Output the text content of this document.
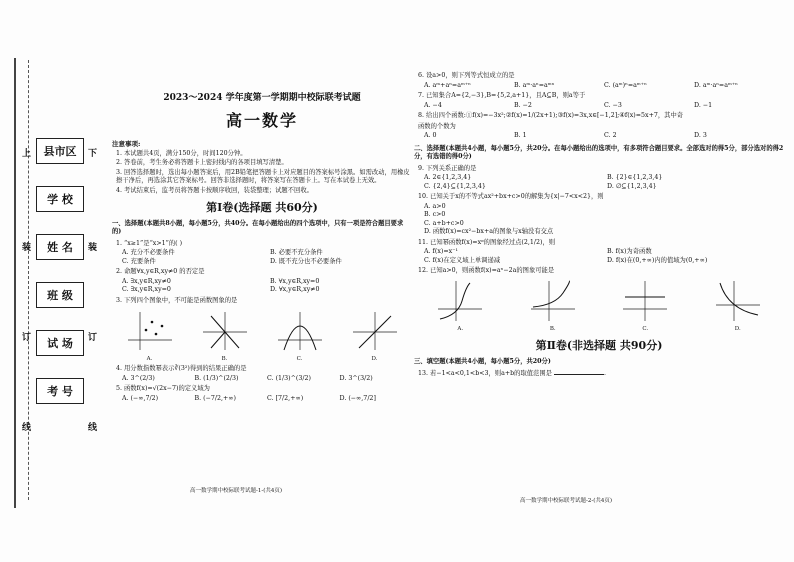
上	下
装	装
订	订
线	线
县市区
学 校
姓 名
班 级
试 场
考 号
2023～2024 学年度第一学期期中校际联考试题
高一数学
注意事项:
1. 本试题共4页，满分150分，时间120分钟。
2. 答卷前，考生务必将答题卡上密封线内的各项目填写清楚。
3. 回答选择题时，选出每小题答案后，用2B铅笔把答题卡上对应题目的答案标号涂黑。如需改动，用橡皮擦干净后，再选涂其它答案标号。回答非选择题时，将答案写在答题卡上。写在本试卷上无效。
4. 考试结束后，监考员将答题卡按顺序收回，装袋整理；试题不回收。
第Ⅰ卷(选择题 共60分)
一、选择题(本题共8小题，每小题5分，共40分。在每小题给出的四个选项中，只有一项是符合题目要求的)
1. “x≥1”是“x>1”的( )
A. 充分不必要条件	B. 必要不充分条件
C. 充要条件	D. 既不充分也不必要条件
2. 命题∀x,y∈R,xy≠0 的否定是
A. ∃x,y∈R,xy≠0	B. ∀x,y∈R,xy=0
C. ∃x,y∈R,xy=0	D. ∀x,y∈R,xy≠0
3. 下列四个图象中，不可能是函数图象的是
A.	B.	C.	D.
4. 用分数指数幂表示∛(3²)得到的结果正确的是
A. 3^(2/3)	B. (1/3)^(2/3)	C. (1/3)^(3/2)	D. 3^(3/2)
5. 函数f(x)=√(2x−7)的定义域为
A. (−∞,7/2)	B. (−7/2,+∞)	C. [7/2,+∞)	D. (−∞,7/2]
高一数学期中校际联考试题-1-(共4页)
6. 设a>0，则下列等式恒成立的是
A. aᵐ+aⁿ=aᵐ⁺ⁿ	B. aᵐ·aⁿ=aᵐⁿ	C. (aᵐ)ⁿ=aᵐ⁺ⁿ	D. aᵐ·aⁿ=aᵐ⁺ⁿ
7. 已知集合A={2,−3},B={5,2,a+1}，且A⊆B，则a等于
A. −4	B. −2	C. −3	D. −1
8. 给出四个函数:①f(x)=−3x²;②f(x)=1/(2x+1);③f(x)=3x,x∈[−1,2];④f(x)=5x+7，其中奇
函数的个数为
A. 0	B. 1	C. 2	D. 3
二、选择题(本题共4小题，每小题5分，共20分。在每小题给出的选项中，有多项符合题目要求。全部选对的得5分，部分选对的得2分，有选错的得0分)
9. 下列关系正确的是
A. 2∈{1,2,3,4}	B. {2}∈{1,2,3,4}
C. {2,4}⊆{1,2,3,4}	D. ∅⊆{1,2,3,4}
10. 已知关于x的不等式ax²+bx+c>0的解集为{x|−7<x<2}，则
A. a>0
B. c>0
C. a+b+c>0
D. 函数f(x)=cx²−bx+a的图象与x轴没有交点
11. 已知幂函数f(x)=xᵅ的图象经过点(2,1/2)，则
A. f(x)=x⁻¹	B. f(x)为奇函数
C. f(x)在定义域上单调递减	D. f(x)在(0,+∞)内的值域为(0,+∞)
12. 已知a>0，则函数f(x)=aˣ−2a的图象可能是
A.	B.	C.	D.
第Ⅱ卷(非选择题 共90分)
三、填空题(本题共4小题，每小题5分，共20分)
13. 若−1<a<0,1<b<3，则a+b的取值范围是	.
高一数学期中校际联考试题-2-(共4页)
